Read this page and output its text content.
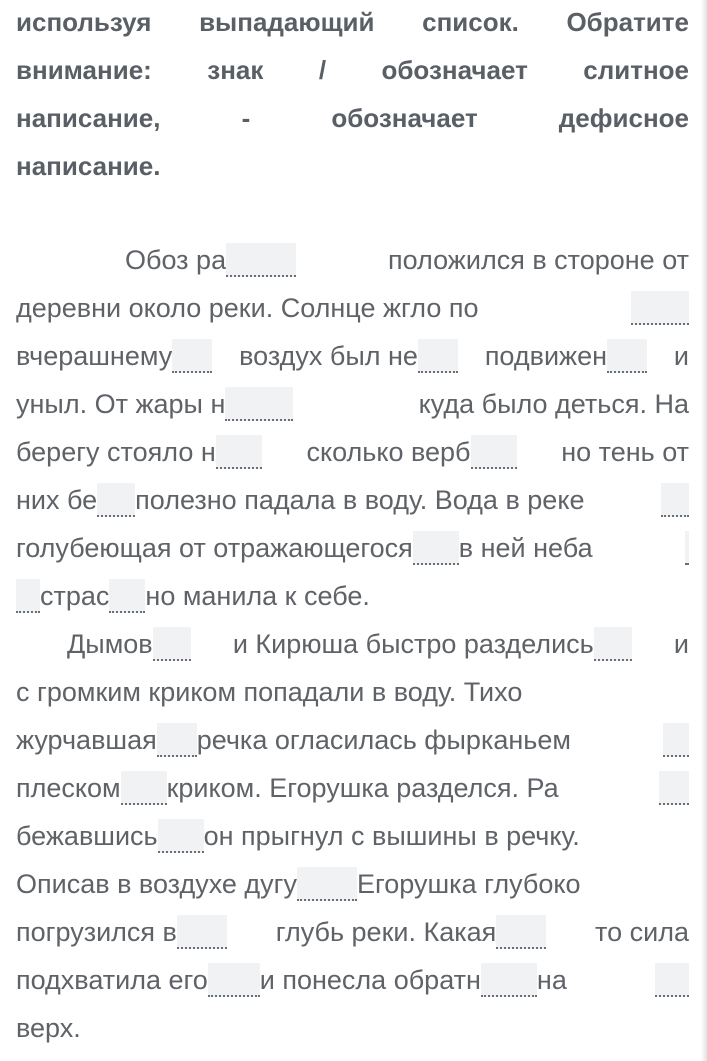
используя выпадающий список. Обратите
внимание: знак / обозначает слитное
написание,	-	обозначает	дефисное
написание.
Обоз ра	положился в стороне от
деревни около реки. Солнце жгло по
вчерашнему воздух был не подвижен и
уныл. От жары н	куда было деться. На
берегу стояло н	сколько верб	но тень от
них бе полезно падала в воду. Вода в реке
голубеющая от отражающегося в ней неба
страс но манила к себе.
Дымов	и Кирюша быстро разделись	и
с громким криком попадали в воду. Тихо
журчавшая речка огласилась фырканьем
плеском криком. Егорушка разделся. Ра
бежавшись он прыгнул с вышины в речку.
Описав в воздухе дугу Егорушка глубоко
погрузился в	глубь реки. Какая	то сила
подхватила его и понесла обратн на
верх.
